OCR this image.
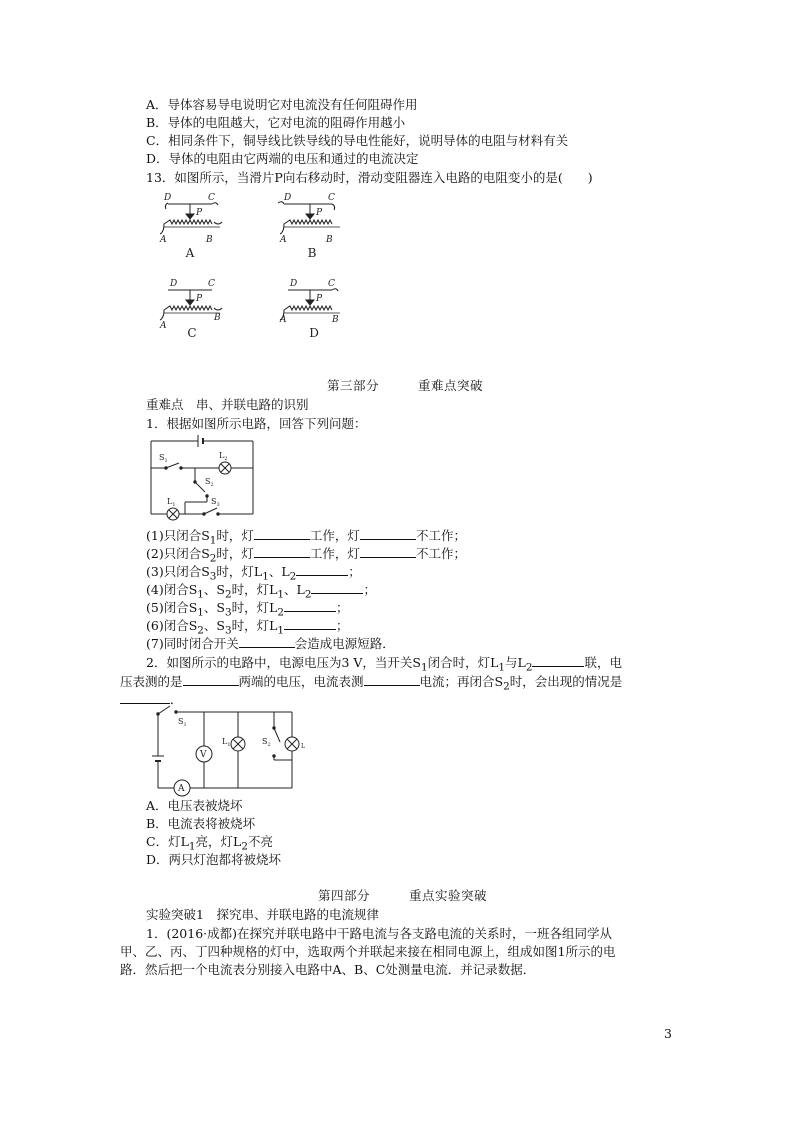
A．导体容易导电说明它对电流没有任何阻碍作用
B．导体的电阻越大，它对电流的阻碍作用越小
C．相同条件下，铜导线比铁导线的导电性能好，说明导体的电阻与材料有关
D．导体的电阻由它两端的电压和通过的电流决定
13．如图所示，当滑片P向右移动时，滑动变阻器连入电路的电阻变小的是(　　)
D	C
P
A	B
D	C
P
A	B
D	C
P
A
B
D	C
P
A	B
A	B
C	D
第三部分　　　重难点突破
重难点　串、并联电路的识别
1．根据如图所示电路，回答下列问题：
$S_1$
$L_2$
$S_2$
$L_1$	$S_3$
(1)只闭合$S_1$时，灯	工作，灯	不工作；
(2)只闭合$S_2$时，灯	工作，灯	不工作；
(3)只闭合$S_3$时，灯$L_1$、$L_2$	；
(4)闭合$S_1$、$S_2$时，灯$L_1$、$L_2$	；
(5)闭合$S_1$、$S_3$时，灯$L_2$	；
(6)闭合$S_2$、$S_3$时，灯$L_1$	；
(7)同时闭合开关	会造成电源短路．
2．如图所示的电路中，电源电压为3 V，当开关$S_1$闭合时，灯$L_1$与$L_2$	联，电
压表测的是	两端的电压，电流表测	电流；再闭合$S_2$时，会出现的情况是
．
$S_1$
V
A
$L_1$	$S_2$	L
A．电压表被烧坏
B．电流表将被烧坏
C．灯$L_1$亮，灯$L_2$不亮
D．两只灯泡都将被烧坏
第四部分　　　重点实验突破
实验突破1　探究串、并联电路的电流规律
1．(2016·成都)在探究并联电路中干路电流与各支路电流的关系时，一班各组同学从
甲、乙、丙、丁四种规格的灯中，选取两个并联起来接在相同电源上，组成如图1所示的电
路．然后把一个电流表分别接入电路中A、B、C处测量电流．并记录数据．
3
